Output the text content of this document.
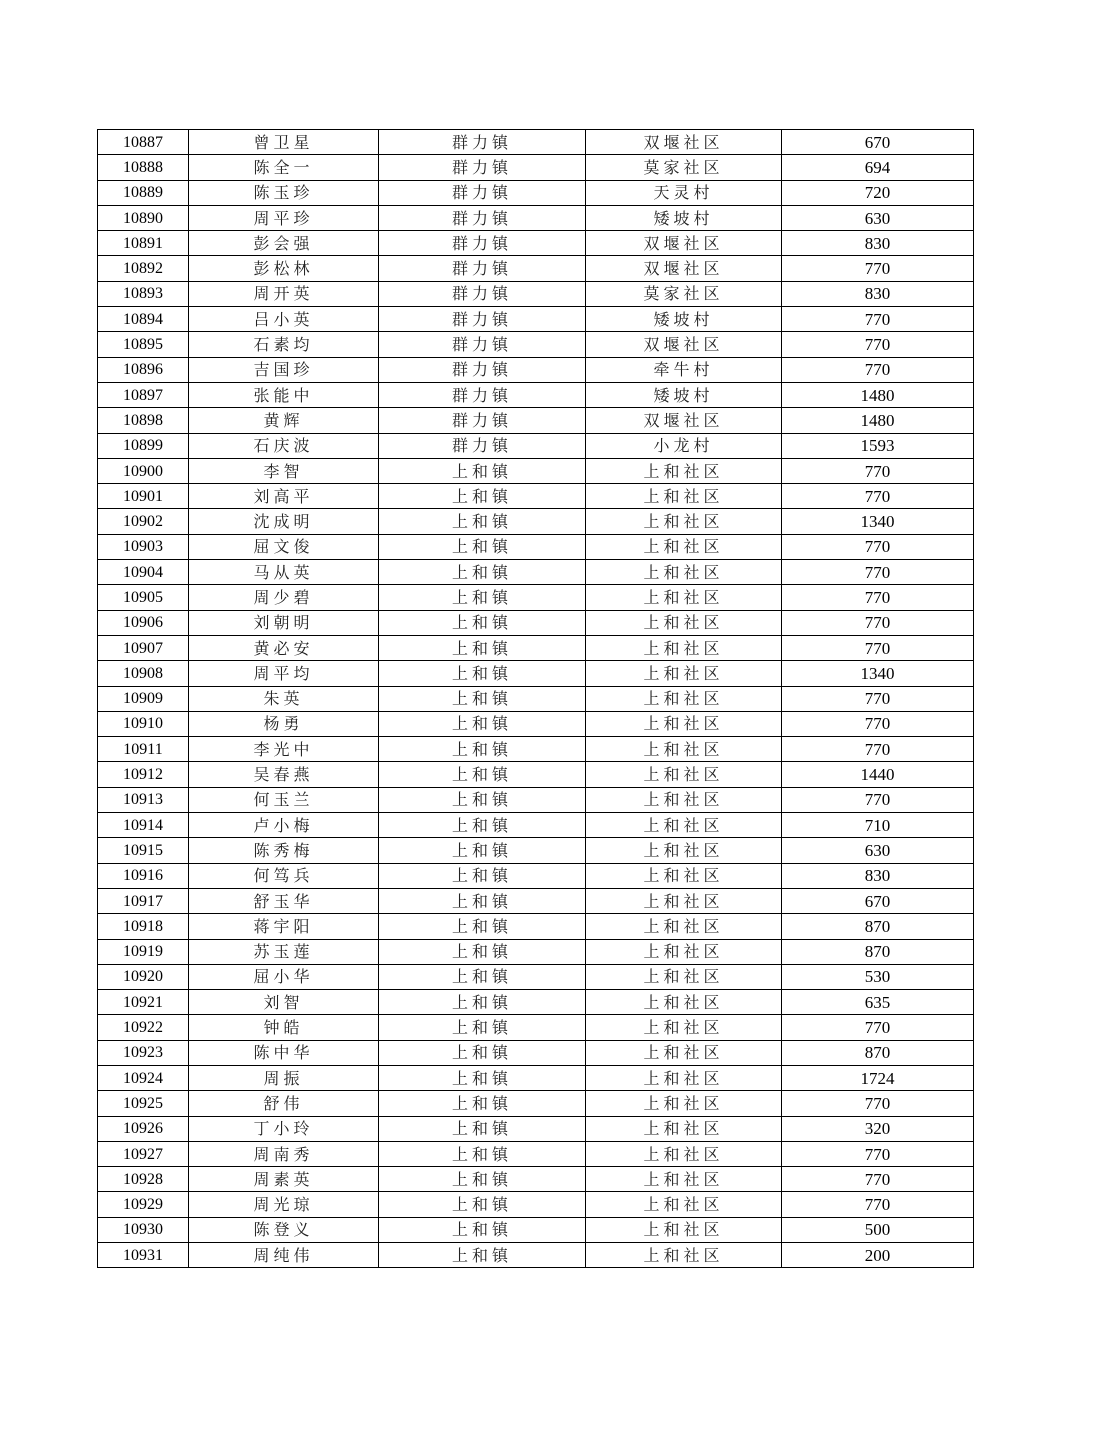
10887	曾卫星	群力镇	双堰社区	670
10888	陈全一	群力镇	莫家社区	694
10889	陈玉珍	群力镇	天灵村	720
10890	周平珍	群力镇	矮坡村	630
10891	彭会强	群力镇	双堰社区	830
10892	彭松林	群力镇	双堰社区	770
10893	周开英	群力镇	莫家社区	830
10894	吕小英	群力镇	矮坡村	770
10895	石素均	群力镇	双堰社区	770
10896	吉国珍	群力镇	牵牛村	770
10897	张能中	群力镇	矮坡村	1480
10898	黄辉	群力镇	双堰社区	1480
10899	石庆波	群力镇	小龙村	1593
10900	李智	上和镇	上和社区	770
10901	刘高平	上和镇	上和社区	770
10902	沈成明	上和镇	上和社区	1340
10903	屈文俊	上和镇	上和社区	770
10904	马从英	上和镇	上和社区	770
10905	周少碧	上和镇	上和社区	770
10906	刘朝明	上和镇	上和社区	770
10907	黄必安	上和镇	上和社区	770
10908	周平均	上和镇	上和社区	1340
10909	朱英	上和镇	上和社区	770
10910	杨勇	上和镇	上和社区	770
10911	李光中	上和镇	上和社区	770
10912	吴春燕	上和镇	上和社区	1440
10913	何玉兰	上和镇	上和社区	770
10914	卢小梅	上和镇	上和社区	710
10915	陈秀梅	上和镇	上和社区	630
10916	何笃兵	上和镇	上和社区	830
10917	舒玉华	上和镇	上和社区	670
10918	蒋宇阳	上和镇	上和社区	870
10919	苏玉莲	上和镇	上和社区	870
10920	屈小华	上和镇	上和社区	530
10921	刘智	上和镇	上和社区	635
10922	钟皓	上和镇	上和社区	770
10923	陈中华	上和镇	上和社区	870
10924	周振	上和镇	上和社区	1724
10925	舒伟	上和镇	上和社区	770
10926	丁小玲	上和镇	上和社区	320
10927	周南秀	上和镇	上和社区	770
10928	周素英	上和镇	上和社区	770
10929	周光琼	上和镇	上和社区	770
10930	陈登义	上和镇	上和社区	500
10931	周纯伟	上和镇	上和社区	200
